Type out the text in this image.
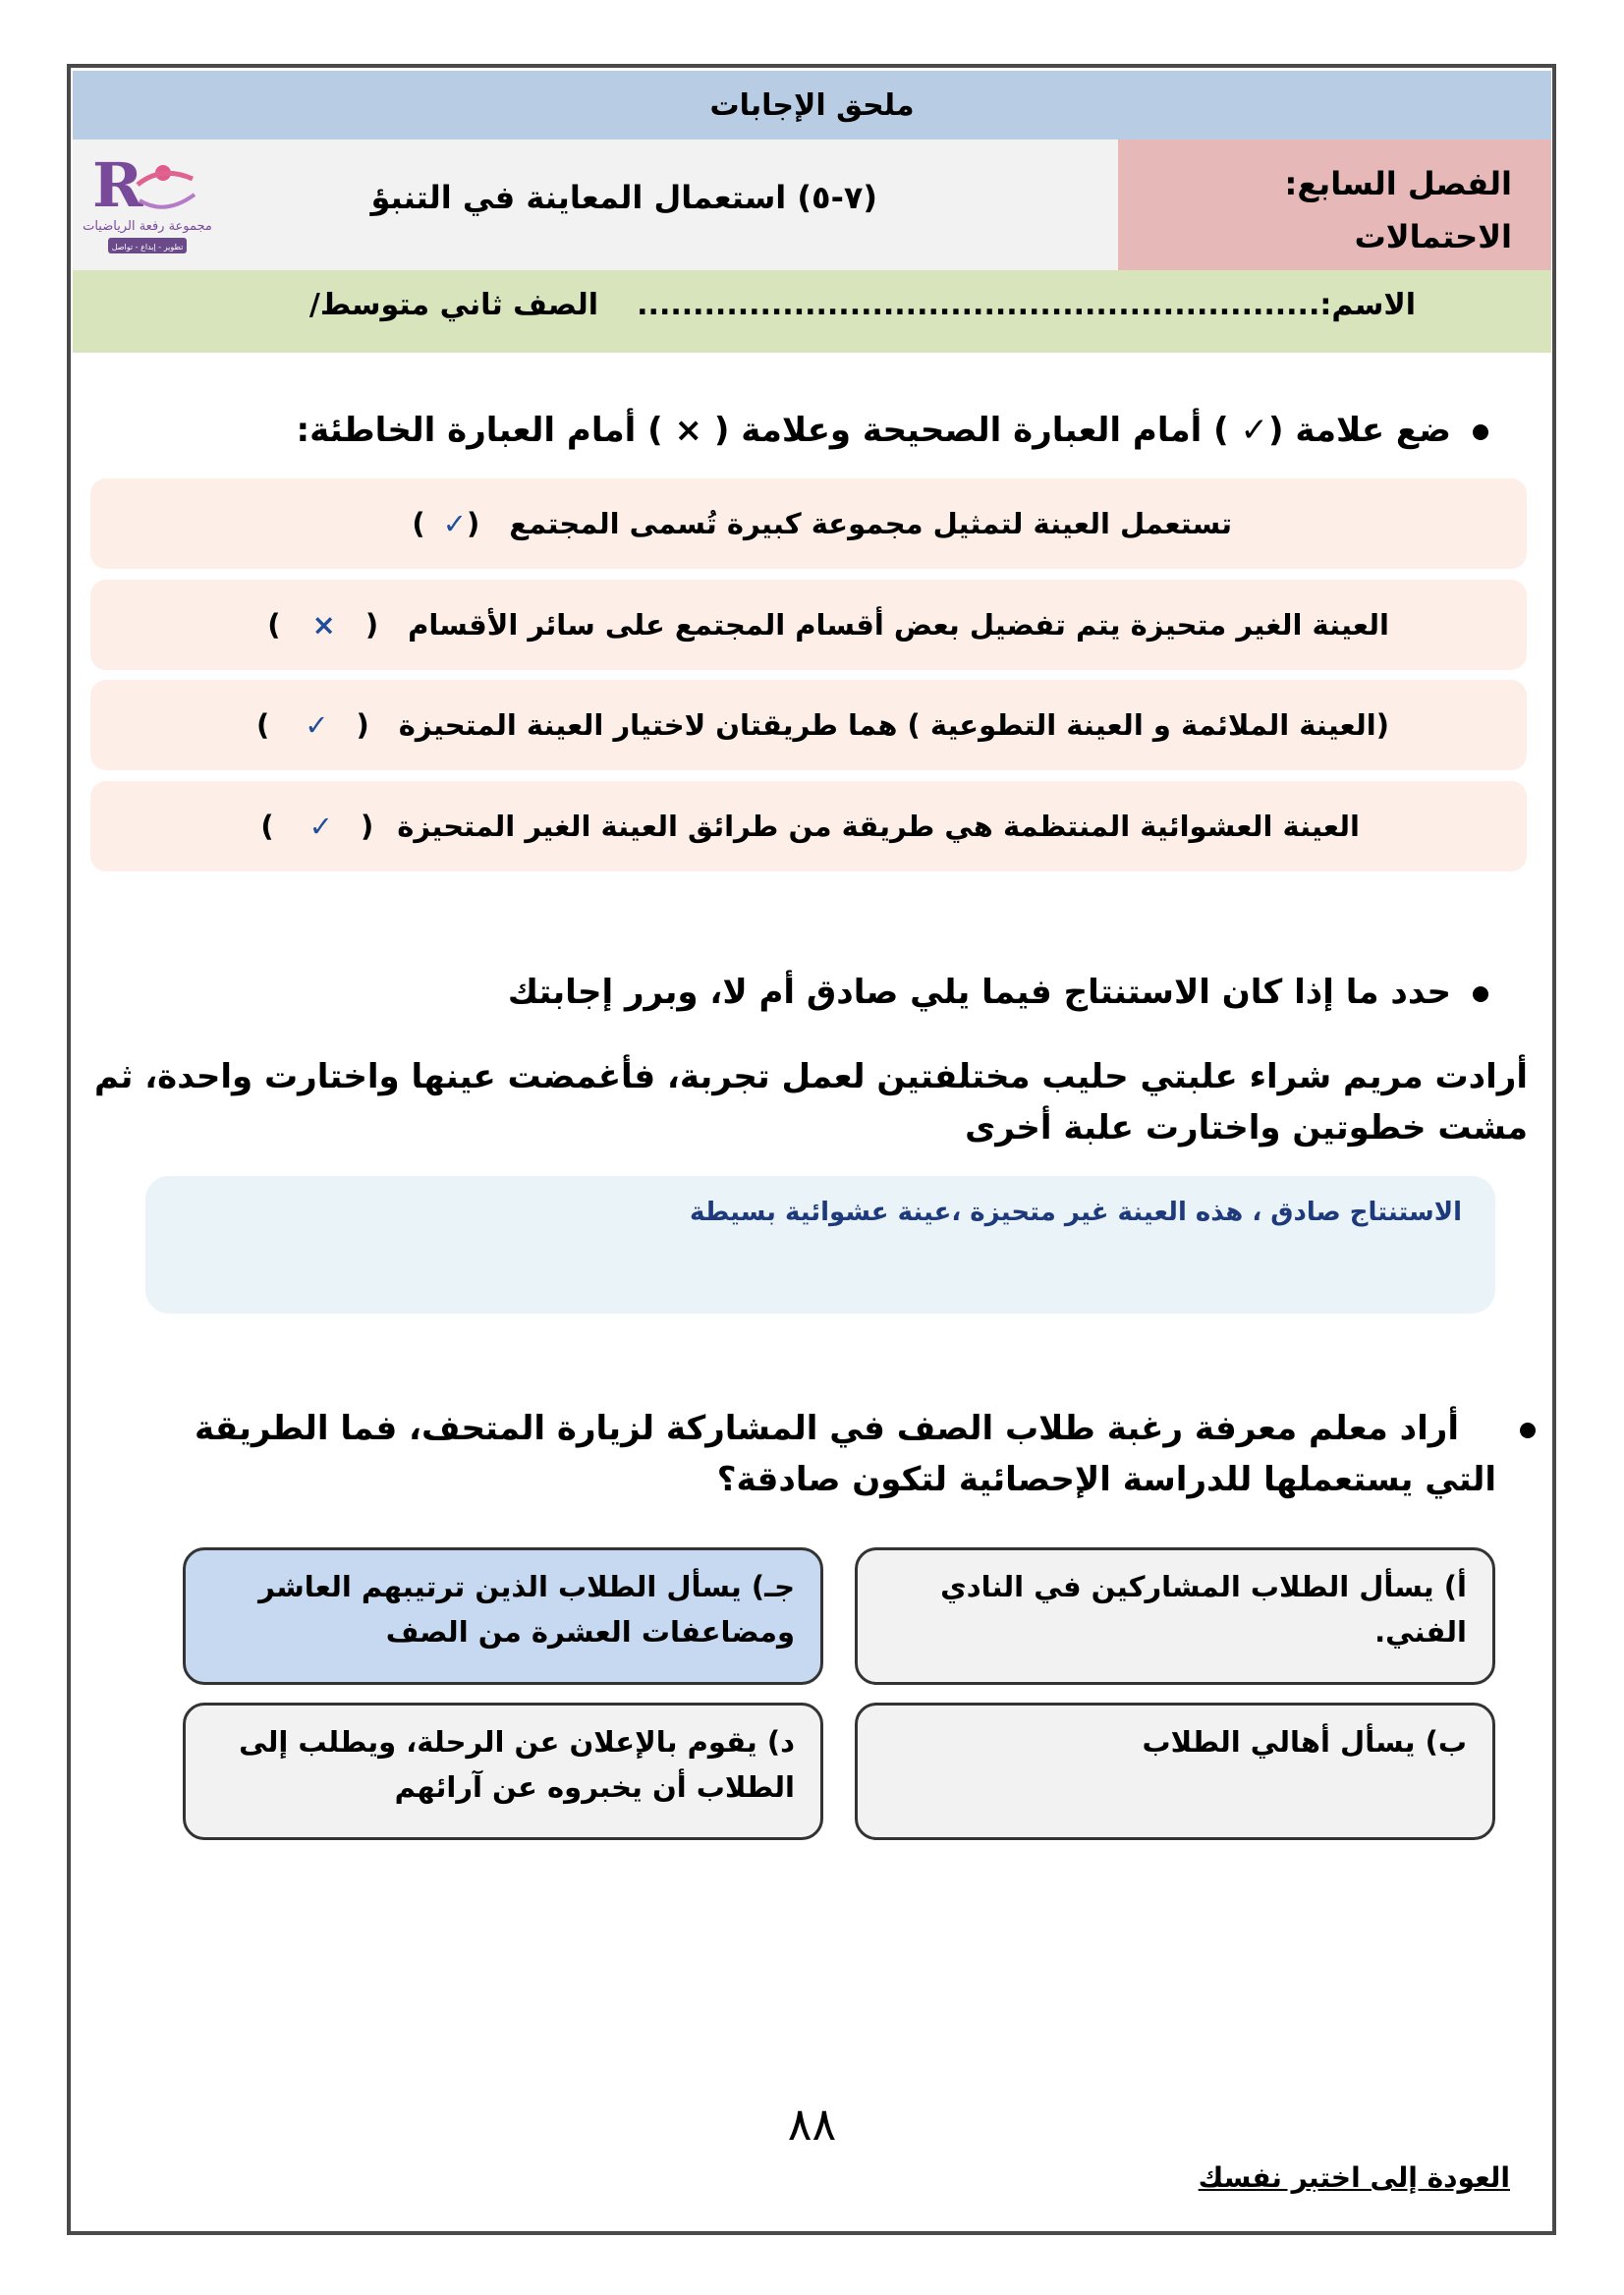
ملحق الإجابات
R
مجموعة رفعة الرياضيات
تطوير - إبداع - تواصل
(٧-٥) استعمال المعاينة في التنبؤ	الفصل السابع:
الاحتمالات
الاسم:.............................................................
الصف ثاني متوسط/
ضع علامة (✓ ) أمام العبارة الصحيحة وعلامة ( × ) أمام العبارة الخاطئة:
تستعمل العينة لتمثيل مجموعة كبيرة تُسمى المجتمع
(
✓
)
العينة الغير متحيزة يتم تفضيل بعض أقسام المجتمع على سائر الأقسام
(
×
)
(العينة الملائمة و العينة التطوعية ) هما طريقتان لاختيار العينة المتحيزة
(
✓
)
العينة العشوائية المنتظمة هي طريقة من طرائق العينة الغير المتحيزة
(
✓
)
حدد ما إذا كان الاستنتاج فيما يلي صادق أم لا، وبرر إجابتك
أرادت مريم شراء علبتي حليب مختلفتين لعمل تجربة، فأغمضت عينها واختارت واحدة، ثم مشت خطوتين واختارت علبة أخرى
الاستنتاج صادق ، هذه العينة غير متحيزة ،عينة عشوائية بسيطة
أراد معلم معرفة رغبة طلاب الصف في المشاركة لزيارة المتحف، فما الطريقة التي يستعملها للدراسة الإحصائية لتكون صادقة؟
أ) يسأل الطلاب المشاركين في النادي الفني.
جـ) يسأل الطلاب الذين ترتيبهم العاشر ومضاعفات العشرة من الصف
ب) يسأل أهالي الطلاب
د) يقوم بالإعلان عن الرحلة، ويطلب إلى الطلاب أن يخبروه عن آرائهم
٨٨
العودة إلى اختبر نفسك
